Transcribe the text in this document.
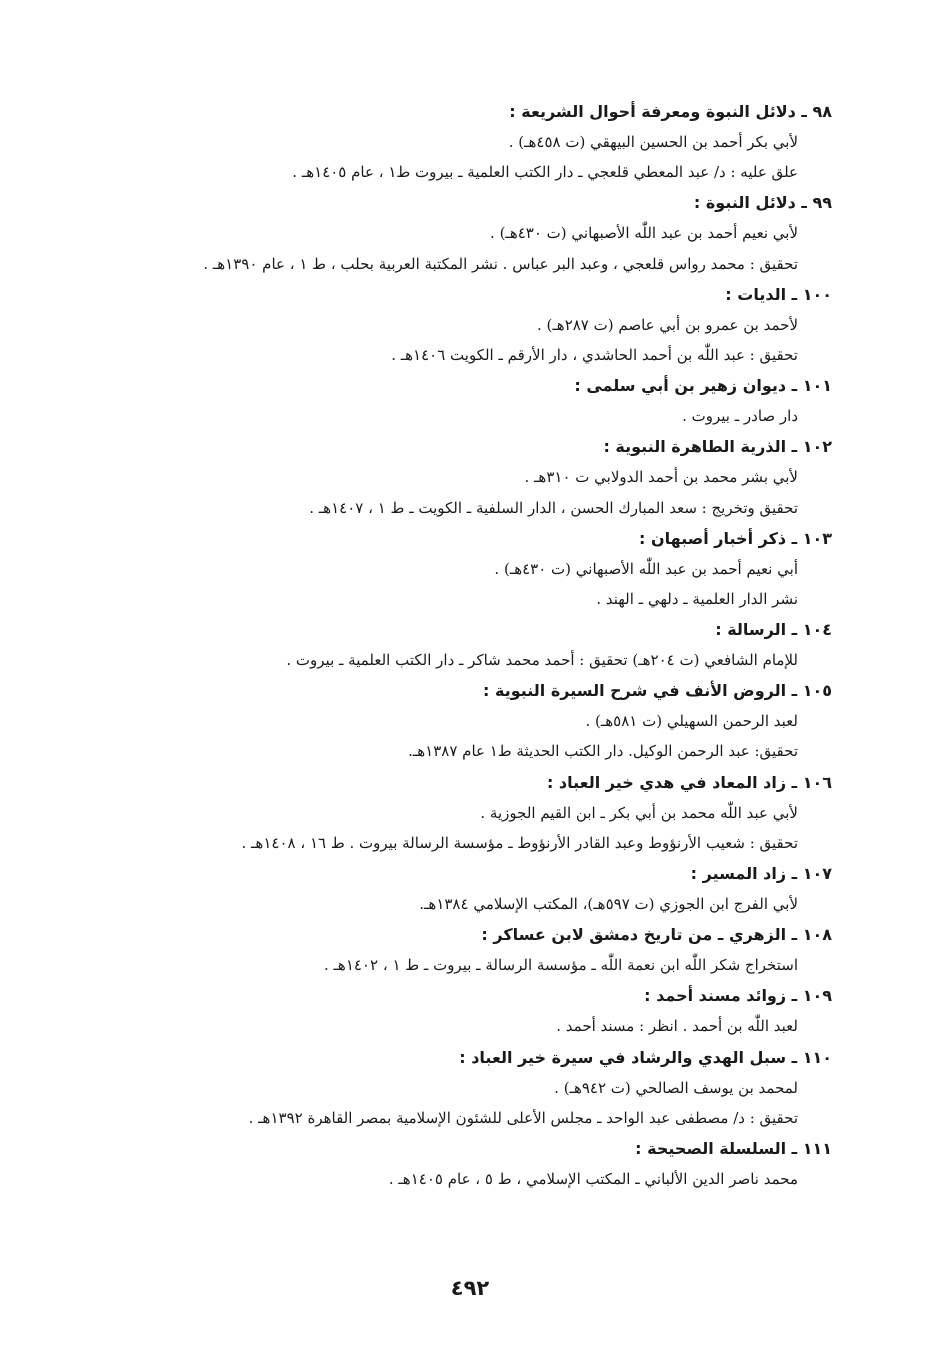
٩٨ ـ دلائل النبوة ومعرفة أحوال الشريعة :
لأبي بكر أحمد بن الحسين البيهقي (ت ٤٥٨هـ) .
علق عليه : د/ عبد المعطي قلعجي ـ دار الكتب العلمية ـ بيروت ط١ ، عام ١٤٠٥هـ .
٩٩ ـ دلائل النبوة :
لأبي نعيم أحمد بن عبد اللّٰه الأصبهاني (ت ٤٣٠هـ) .
تحقيق : محمد رواس قلعجي ، وعبد البر عباس . نشر المكتبة العربية بحلب ، ط ١ ، عام ١٣٩٠هـ .
١٠٠ ـ الديات :
لأحمد بن عمرو بن أبي عاصم (ت ٢٨٧هـ) .
تحقيق : عبد اللّٰه بن أحمد الحاشدي ، دار الأرقم ـ الكويت ١٤٠٦هـ .
١٠١ ـ ديوان زهير بن أبي سلمى :
دار صادر ـ بيروت .
١٠٢ ـ الذرية الطاهرة النبوية :
لأبي بشر محمد بن أحمد الدولابي ت ٣١٠هـ .
تحقيق وتخريج : سعد المبارك الحسن ، الدار السلفية ـ الكويت ـ ط ١ ، ١٤٠٧هـ .
١٠٣ ـ ذكر أخبار أصبهان :
أبي نعيم أحمد بن عبد اللّٰه الأصبهاني (ت ٤٣٠هـ) .
نشر الدار العلمية ـ دلهي ـ الهند .
١٠٤ ـ الرسالة :
للإمام الشافعي (ت ٢٠٤هـ) تحقيق : أحمد محمد شاكر ـ دار الكتب العلمية ـ بيروت .
١٠٥ ـ الروض الأنف في شرح السيرة النبوية :
لعبد الرحمن السهيلي (ت ٥٨١هـ) .
تحقيق: عبد الرحمن الوكيل. دار الكتب الحديثة ط١ عام ١٣٨٧هـ.
١٠٦ ـ زاد المعاد في هدي خير العباد :
لأبي عبد اللّٰه محمد بن أبي بكر ـ ابن القيم الجوزية .
تحقيق : شعيب الأرنؤوط وعبد القادر الأرنؤوط ـ مؤسسة الرسالة بيروت . ط ١٦ ، ١٤٠٨هـ .
١٠٧ ـ زاد المسير :
لأبي الفرج ابن الجوزي (ت ٥٩٧هـ)، المكتب الإسلامي ١٣٨٤هـ.
١٠٨ ـ الزهري ـ من تاريخ دمشق لابن عساكر :
استخراج شكر اللّٰه ابن نعمة اللّٰه ـ مؤسسة الرسالة ـ بيروت ـ ط ١ ، ١٤٠٢هـ .
١٠٩ ـ زوائد مسند أحمد :
لعبد اللّٰه بن أحمد . انظر : مسند أحمد .
١١٠ ـ سبل الهدي والرشاد في سيرة خير العباد :
لمحمد بن يوسف الصالحي (ت ٩٤٢هـ) .
تحقيق : د/ مصطفى عبد الواحد ـ مجلس الأعلى للشئون الإسلامية بمصر القاهرة ١٣٩٢هـ .
١١١ ـ السلسلة الصحيحة :
محمد ناصر الدين الألباني ـ المكتب الإسلامي ، ط ٥ ، عام ١٤٠٥هـ .
٤٩٢
